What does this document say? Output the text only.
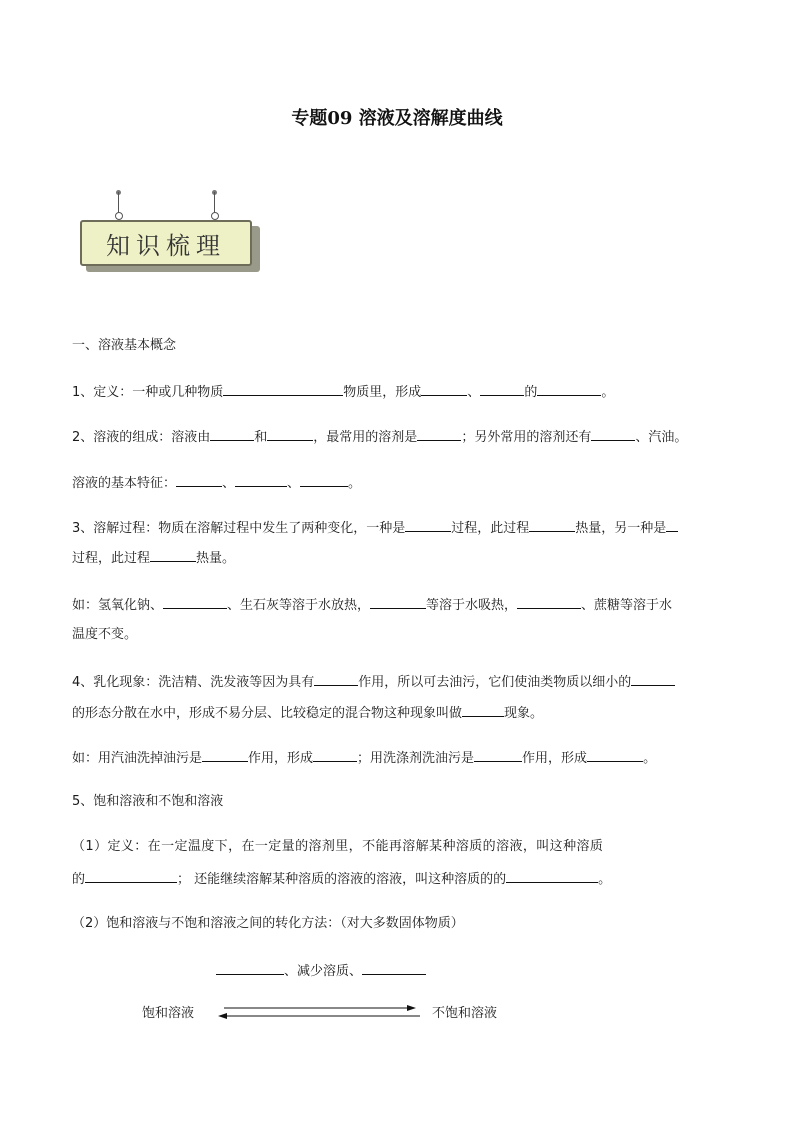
专题09 溶液及溶解度曲线
知识梳理
一、溶液基本概念
1、定义：一种或几种物质	物质里，形成	、	的	。
2、溶液的组成：溶液由	和	，最常用的溶剂是	；另外常用的溶剂还有	、汽油。
溶液的基本特征：	、	、	。
3、溶解过程：物质在溶解过程中发生了两种变化，一种是	过程，此过程	热量，另一种是
过程，此过程	热量。
如：氢氧化钠、	、生石灰等溶于水放热，	等溶于水吸热，	、蔗糖等溶于水
温度不变。
4、乳化现象：洗洁精、洗发液等因为具有	作用，所以可去油污，它们使油类物质以细小的
的形态分散在水中，形成不易分层、比较稳定的混合物这种现象叫做	现象。
如：用汽油洗掉油污是	作用，形成	；用洗涤剂洗油污是	作用，形成	。
5、饱和溶液和不饱和溶液
（1）定义：在一定温度下，在一定量的溶剂里，不能再溶解某种溶质的溶液，叫这种溶质
的	； 还能继续溶解某种溶质的溶液的溶液，叫这种溶质的的	。
（2）饱和溶液与不饱和溶液之间的转化方法：（对大多数固体物质）
、减少溶质、
饱和溶液	不饱和溶液
